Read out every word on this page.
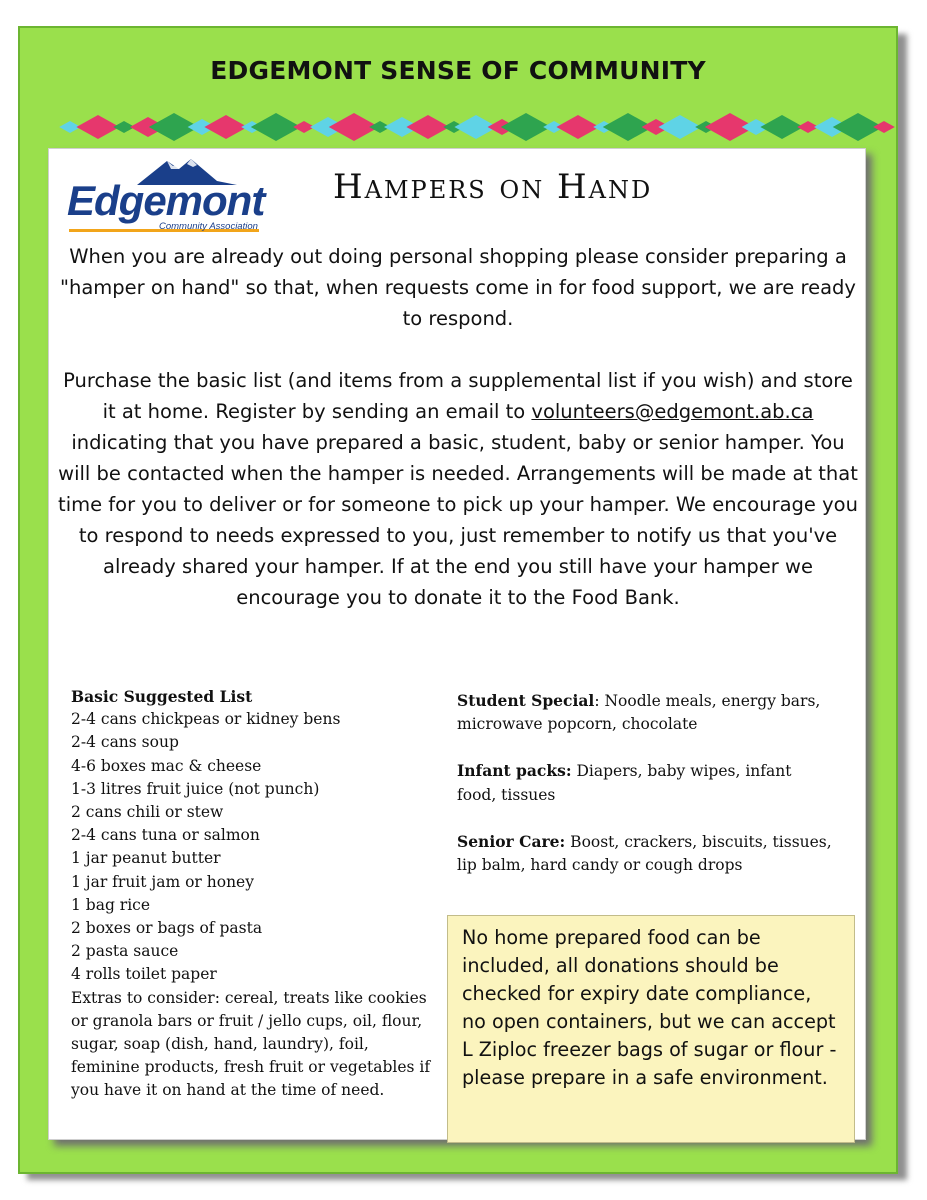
EDGEMONT SENSE OF COMMUNITY
Edgemont
Community Association
Hampers on Hand

When you are already out doing personal shopping please consider preparing a "hamper on hand" so that, when requests come in for food support, we are ready to respond.

Purchase the basic list (and items from a supplemental list if you wish) and store it at home. Register by sending an email to volunteers@edgemont.ab.ca indicating that you have prepared a basic, student, baby or senior hamper. You will be contacted when the hamper is needed. Arrangements will be made at that time for you to deliver or for someone to pick up your hamper. We encourage you to respond to needs expressed to you, just remember to notify us that you've already shared your hamper. If at the end you still have your hamper we encourage you to donate it to the Food Bank.

Basic Suggested List
2-4 cans chickpeas or kidney bens
2-4 cans soup
4-6 boxes mac & cheese
1-3 litres fruit juice (not punch)
2 cans chili or stew
2-4 cans tuna or salmon
1 jar peanut butter
1 jar fruit jam or honey
1 bag rice
2 boxes or bags of pasta
2 pasta sauce
4 rolls toilet paper
Extras to consider: cereal, treats like cookies or granola bars or fruit / jello cups, oil, flour, sugar, soap (dish, hand, laundry), foil, feminine products, fresh fruit or vegetables if you have it on hand at the time of need.

Student Special: Noodle meals, energy bars, microwave popcorn, chocolate

Infant packs: Diapers, baby wipes, infant food, tissues

Senior Care: Boost, crackers, biscuits, tissues, lip balm, hard candy or cough drops

No home prepared food can be included, all donations should be checked for expiry date compliance, no open containers, but we can accept L Ziploc freezer bags of sugar or flour - please prepare in a safe environment.
